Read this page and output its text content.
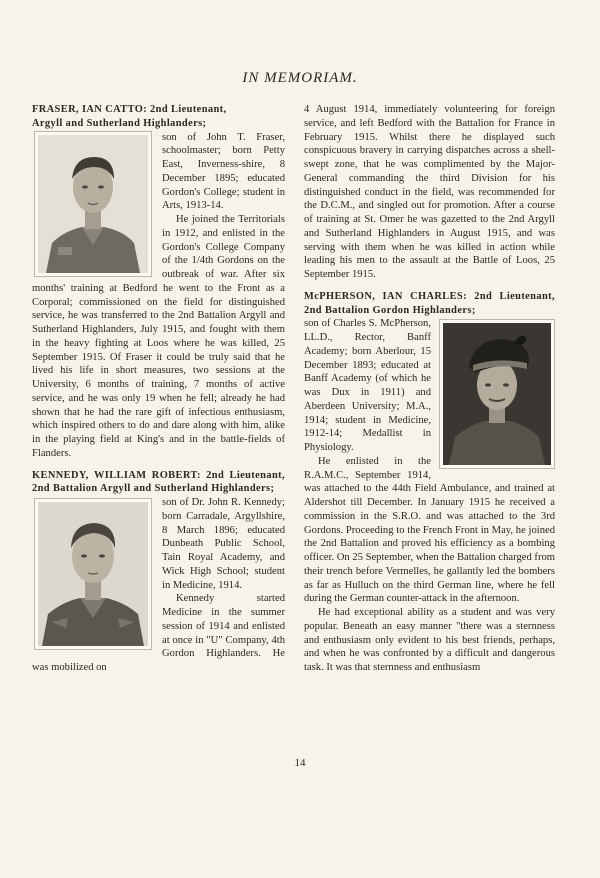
IN MEMORIAM.

FRASER, IAN CATTO: 2nd Lieutenant,
Argyll and Sutherland Highlanders;

son of John T. Fraser, schoolmaster; born Petty East, Inverness-shire, 8 December 1895; educated Gordon's College; student in Arts, 1913-14.

He joined the Territorials in 1912, and enlisted in the Gordon's College Company of the 1/4th Gordons on the outbreak of war. After six months' training at Bedford he went to the Front as a Corporal; commissioned on the field for distinguished service, he was transferred to the 2nd Battalion Argyll and Sutherland Highlanders, July 1915, and fought with them in the heavy fighting at Loos where he was killed, 25 September 1915. Of Fraser it could be truly said that he lived his life in short measures, two sessions at the University, 6 months of training, 7 months of active service, and he was only 19 when he fell; already he had shown that he had the rare gift of infectious enthusiasm, which inspired others to do and dare along with him, alike in the playing field at King's and in the battle-fields of Flanders.

KENNEDY, WILLIAM ROBERT: 2nd Lieutenant, 2nd Battalion Argyll and Sutherland Highlanders;

son of Dr. John R. Kennedy; born Carradale, Argyllshire, 8 March 1896; educated Dunbeath Public School, Tain Royal Academy, and Wick High School; student in Medicine, 1914.

Kennedy started Medicine in the summer session of 1914 and enlisted at once in "U" Company, 4th Gordon Highlanders. He was mobilized on

4 August 1914, immediately volunteering for foreign service, and left Bedford with the Battalion for France in February 1915. Whilst there he displayed such conspicuous bravery in carrying dispatches across a shell-swept zone, that he was complimented by the Major-General commanding the third Division for his distinguished conduct in the field, was recommended for the D.C.M., and singled out for promotion. After a course of training at St. Omer he was gazetted to the 2nd Argyll and Sutherland Highlanders in August 1915, and was serving with them when he was killed in action while leading his men to the assault at the Battle of Loos, 25 September 1915.

McPHERSON, IAN CHARLES: 2nd Lieutenant, 2nd Battalion Gordon Highlanders;

son of Charles S. McPherson, LL.D., Rector, Banff Academy; born Aberlour, 15 December 1893; educated at Banff Academy (of which he was Dux in 1911) and Aberdeen University; M.A., 1914; student in Medicine, 1912-14; Medallist in Physiology.

He enlisted in the R.A.M.C., September 1914, was attached to the 44th Field Ambulance, and trained at Aldershot till December. In January 1915 he received a commission in the S.R.O. and was attached to the 3rd Gordons. Proceeding to the French Front in May, he joined the 2nd Battalion and proved his efficiency as a bombing officer. On 25 September, when the Battalion charged from their trench before Vermelles, he gallantly led the bombers as far as Hulluch on the third German line, where he fell during the German counter-attack in the afternoon.

He had exceptional ability as a student and was very popular. Beneath an easy manner "there was a sternness and enthusiasm only evident to his best friends, perhaps, and when he was confronted by a difficult and dangerous task. It was that sternness and enthusiasm

14
